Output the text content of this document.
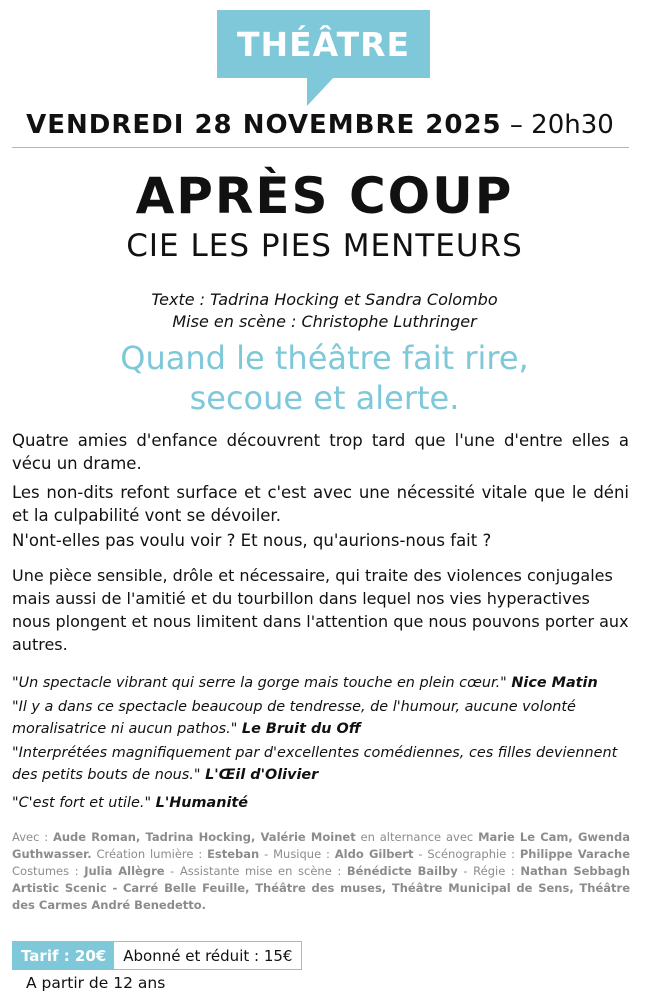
THÉÂTRE
VENDREDI 28 NOVEMBRE 2025 – 20h30
APRÈS COUP
CIE LES PIES MENTEURS
Texte : Tadrina Hocking et Sandra Colombo
Mise en scène : Christophe Luthringer
Quand le théâtre fait rire,
secoue et alerte.

Quatre amies d'enfance découvrent trop tard que l'une d'entre elles a vécu un drame.

Les non-dits refont surface et c'est avec une nécessité vitale que le déni et la culpabilité vont se dévoiler.

N'ont-elles pas voulu voir ? Et nous, qu'aurions-nous fait ?

Une pièce sensible, drôle et nécessaire, qui traite des violences conjugales mais aussi de l'amitié et du tourbillon dans lequel nos vies hyperactives nous plongent et nous limitent dans l'attention que nous pouvons porter aux autres.

"Un spectacle vibrant qui serre la gorge mais touche en plein cœur." Nice Matin

"Il y a dans ce spectacle beaucoup de tendresse, de l'humour, aucune volonté moralisatrice ni aucun pathos." Le Bruit du Off

"Interprétées magnifiquement par d'excellentes comédiennes, ces filles deviennent des petits bouts de nous." L'Œil d'Olivier

"C'est fort et utile." L'Humanité

Avec : Aude Roman, Tadrina Hocking, Valérie Moinet en alternance avec Marie Le Cam, Gwenda Guthwasser. Création lumière : Esteban - Musique : Aldo Gilbert - Scénographie : Philippe Varache Costumes : Julia Allègre - Assistante mise en scène : Bénédicte Bailby - Régie : Nathan Sebbagh Artistic Scenic - Carré Belle Feuille, Théâtre des muses, Théâtre Municipal de Sens, Théâtre des Carmes André Benedetto.

Tarif : 20€	Abonné et réduit : 15€
A partir de 12 ans
